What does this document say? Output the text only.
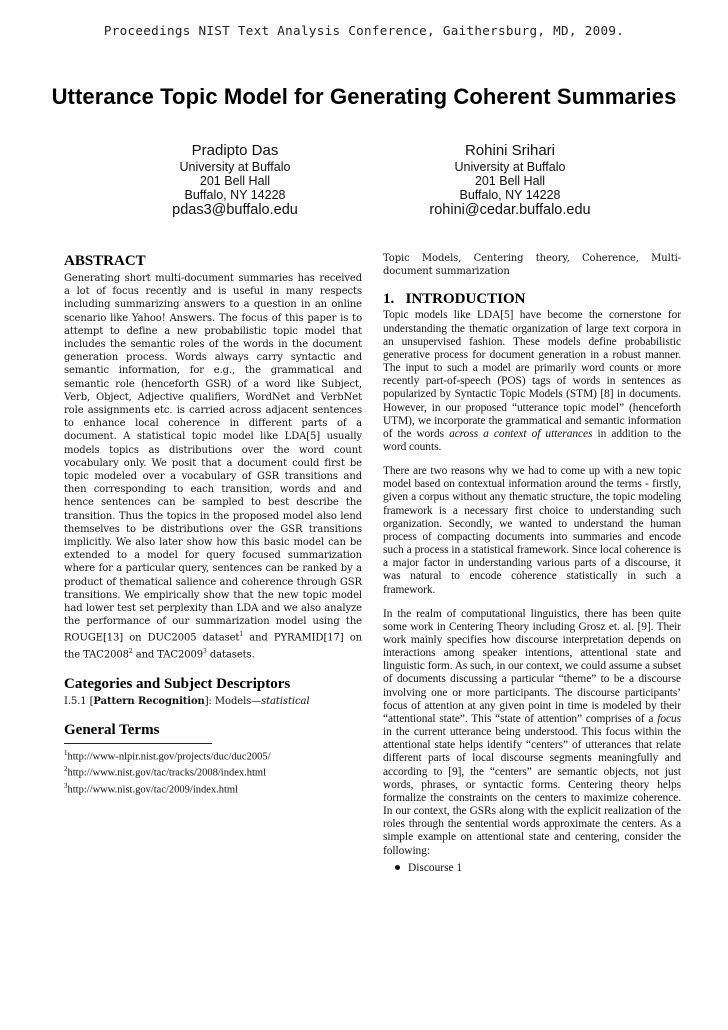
Proceedings NIST Text Analysis Conference, Gaithersburg, MD, 2009.
Utterance Topic Model for Generating Coherent Summaries
Pradipto Das
University at Buffalo
201 Bell Hall
Buffalo, NY 14228
pdas3@buffalo.edu
Rohini Srihari
University at Buffalo
201 Bell Hall
Buffalo, NY 14228
rohini@cedar.buffalo.edu
ABSTRACT

Generating short multi-document summaries has received a lot of focus recently and is useful in many respects including summarizing answers to a question in an online scenario like Yahoo! Answers. The focus of this paper is to attempt to define a new probabilistic topic model that includes the semantic roles of the words in the document generation process. Words always carry syntactic and semantic information, for e.g., the grammatical and semantic role (henceforth GSR) of a word like Subject, Verb, Object, Adjective qualifiers, WordNet and VerbNet role assignments etc. is carried across adjacent sentences to enhance local coherence in different parts of a document. A statistical topic model like LDA[5] usually models topics as distributions over the word count vocabulary only. We posit that a document could first be topic modeled over a vocabulary of GSR transitions and then corresponding to each transition, words and and hence sentences can be sampled to best describe the transition. Thus the topics in the proposed model also lend themselves to be distributions over the GSR transitions implicitly. We also later show how this basic model can be extended to a model for query focused summarization where for a particular query, sentences can be ranked by a product of thematical salience and coherence through GSR transitions. We empirically show that the new topic model had lower test set perplexity than LDA and we also analyze the performance of our summarization model using the ROUGE[13] on DUC2005 dataset$^1$ and PYRAMID[17] on the TAC2008$^2$ and TAC2009$^3$ datasets.

Categories and Subject Descriptors

I.5.1 [Pattern Recognition]: Models—statistical

General Terms

$^1$http://www-nlpir.nist.gov/projects/duc/duc2005/

$^2$http://www.nist.gov/tac/tracks/2008/index.html

$^3$http://www.nist.gov/tac/2009/index.html

Topic Models, Centering theory, Coherence, Multi-document summarization

1.   INTRODUCTION

Topic models like LDA[5] have become the cornerstone for understanding the thematic organization of large text corpora in an unsupervised fashion. These models define probabilistic generative process for document generation in a robust manner. The input to such a model are primarily word counts or more recently part-of-speech (POS) tags of words in sentences as popularized by Syntactic Topic Models (STM) [8] in documents. However, in our proposed “utterance topic model” (henceforth UTM), we incorporate the grammatical and semantic information of the words across a context of utterances in addition to the word counts.

There are two reasons why we had to come up with a new topic model based on contextual information around the terms - firstly, given a corpus without any thematic structure, the topic modeling framework is a necessary first choice to understanding such organization. Secondly, we wanted to understand the human process of compacting documents into summaries and encode such a process in a statistical framework. Since local coherence is a major factor in understanding various parts of a discourse, it was natural to encode coherence statistically in such a framework.

In the realm of computational linguistics, there has been quite some work in Centering Theory including Grosz et. al. [9]. Their work mainly specifies how discourse interpretation depends on interactions among speaker intentions, attentional state and linguistic form. As such, in our context, we could assume a subset of documents discussing a particular “theme” to be a discourse involving one or more participants. The discourse participants’ focus of attention at any given point in time is modeled by their “attentional state”. This “state of attention” comprises of a focus in the current utterance being understood. This focus within the attentional state helps identify “centers” of utterances that relate different parts of local discourse segments meaningfully and according to [9], the “centers” are semantic objects, not just words, phrases, or syntactic forms. Centering theory helps formalize the constraints on the centers to maximize coherence. In our context, the GSRs along with the explicit realization of the roles through the sentential words approximate the centers. As a simple example on attentional state and centering, consider the following:

Discourse 1
